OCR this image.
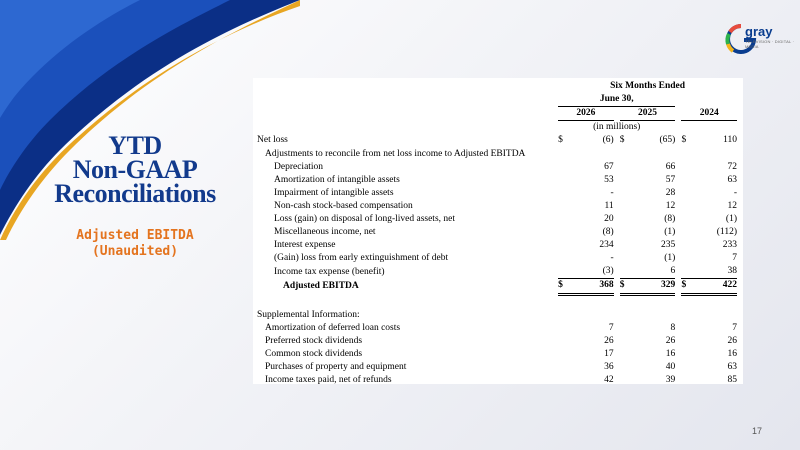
gray
TELEVISION · DIGITAL · MEDIA
YTD
Non-GAAP
Reconciliations
Adjusted EBITDA
(Unaudited)
	Six Months Ended							
	June 30,							
	2026			2025			2024	
	(in millions)							
Net loss	$	(6)		$	(65)		$	110
Adjustments to reconcile from net loss income to Adjusted EBITDA								
Depreciation		67			66			72
Amortization of intangible assets		53			57			63
Impairment of intangible assets		-			28			-
Non-cash stock-based compensation		11			12			12
Loss (gain) on disposal of long-lived assets, net		20			(8)			(1)
Miscellaneous income, net		(8)			(1)			(112)
Interest expense		234			235			233
(Gain) loss from early extinguishment of debt		-			(1)			7
Income tax expense (benefit)		(3)			6			38
Adjusted EBITDA	$	368		$	329		$	422

Supplemental Information:								
Amortization of deferred loan costs		7			8			7
Preferred stock dividends		26			26			26
Common stock dividends		17			16			16
Purchases of property and equipment		36			40			63
Income taxes paid, net of refunds		42			39			85
17
